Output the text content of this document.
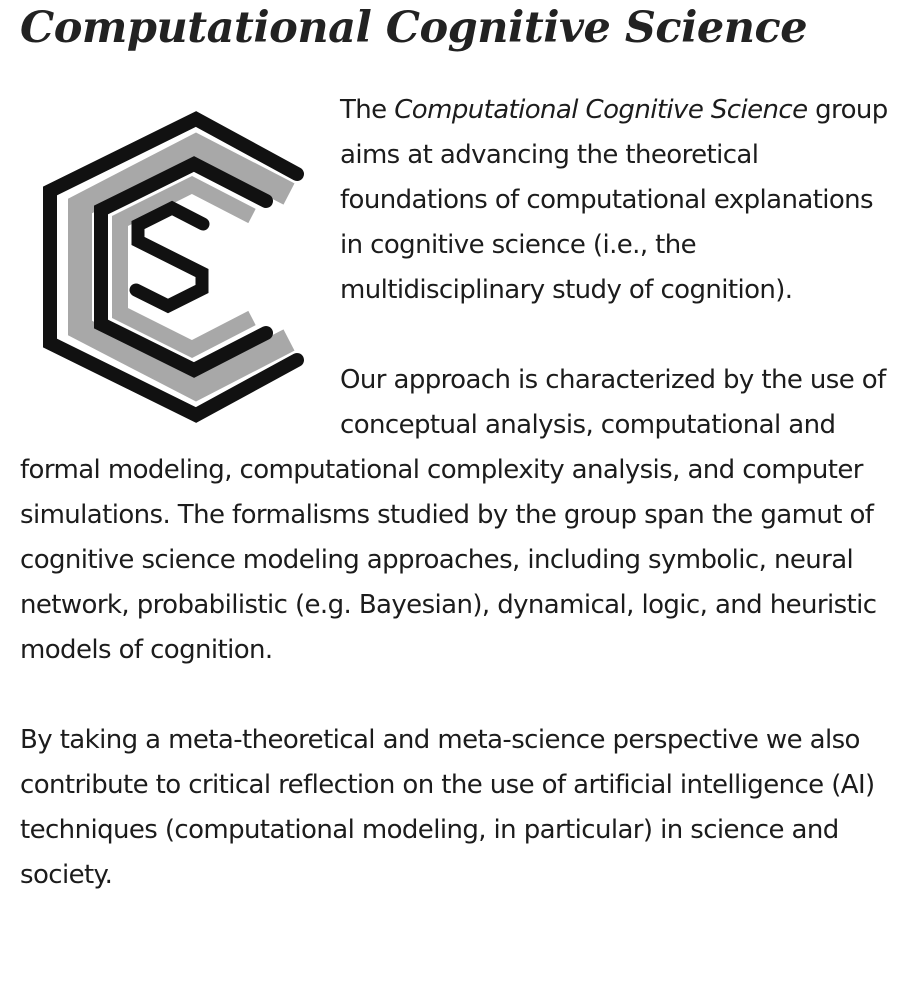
Computational Cognitive Science

The Computational Cognitive Science group aims at advancing the theoretical foundations of computational explanations in cognitive science (i.e., the multidisciplinary study of cognition).

Our approach is characterized by the use of conceptual analysis, computational and formal modeling, computational complexity analysis, and computer simulations. The formalisms studied by the group span the gamut of cognitive science modeling approaches, including symbolic, neural network, probabilistic (e.g. Bayesian), dynamical, logic, and heuristic models of cognition.

By taking a meta-theoretical and meta-science perspective we also contribute to critical reflection on the use of artificial intelligence (AI) techniques (computational modeling, in particular) in science and society.
